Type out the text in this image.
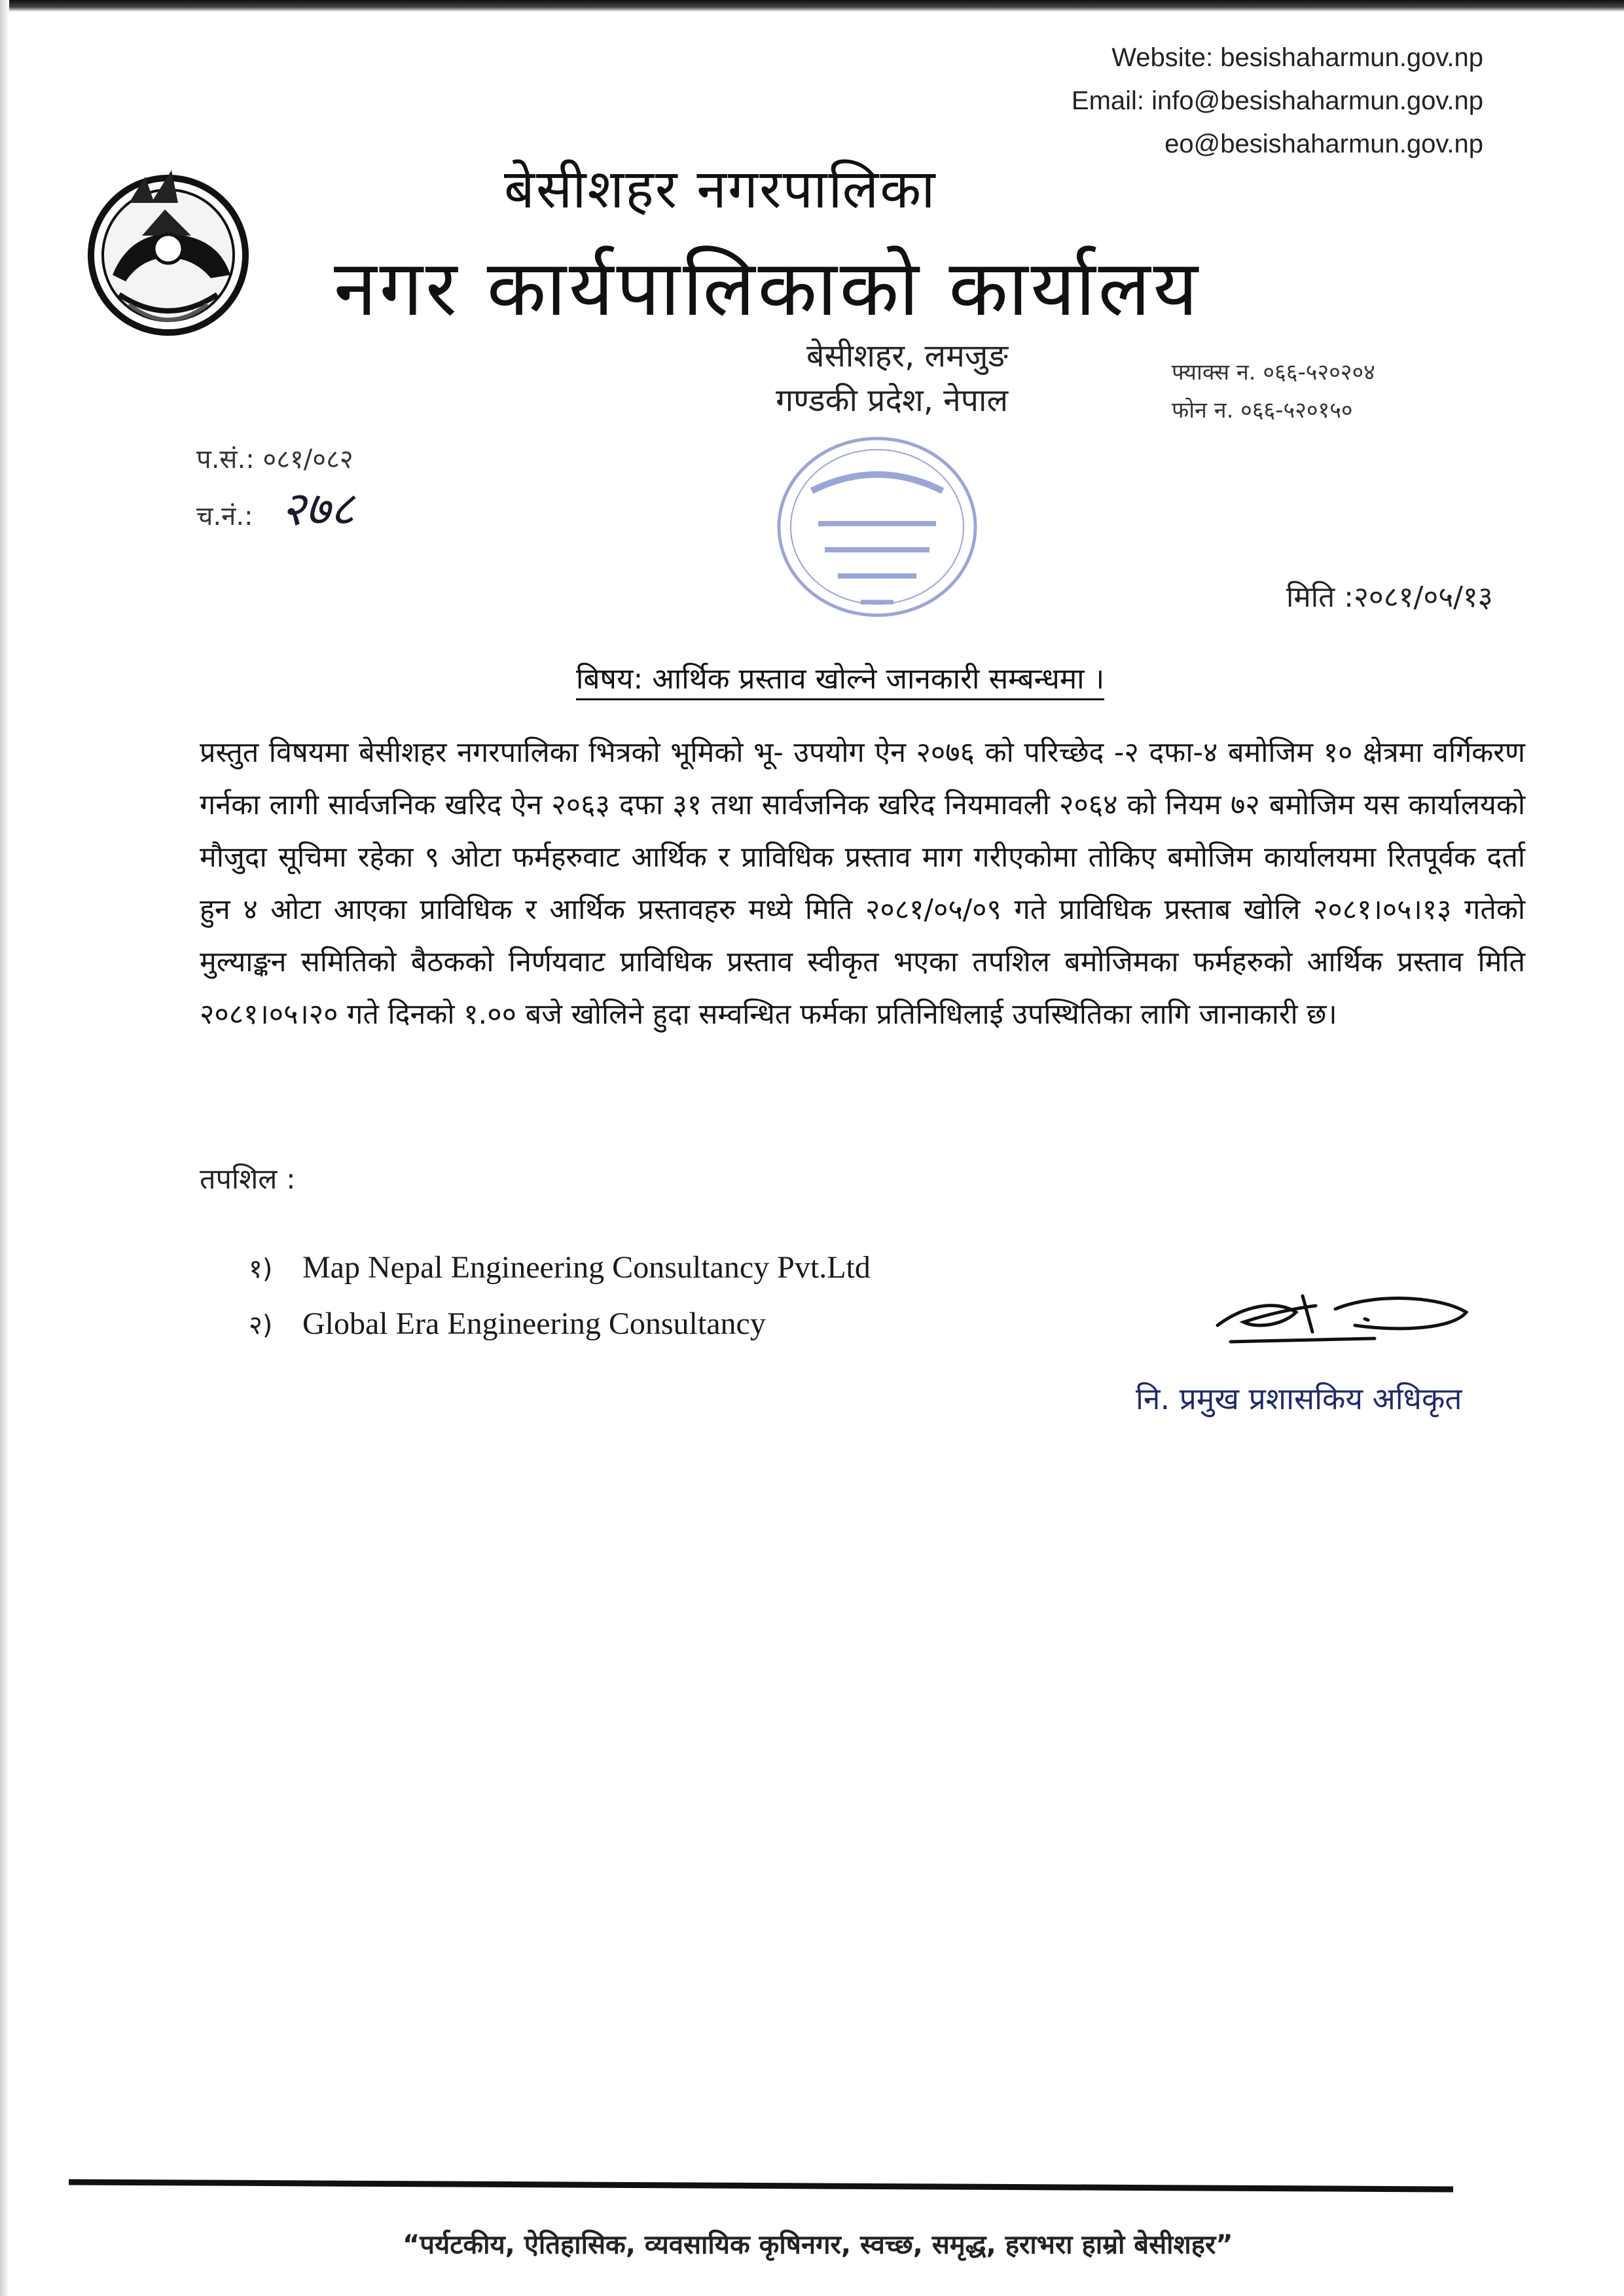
Website: besishaharmun.gov.np
Email: info@besishaharmun.gov.np
eo@besishaharmun.gov.np
बेसीशहर नगरपालिका
नगर कार्यपालिकाको कार्यालय
बेसीशहर, लमजुङ
गण्डकी प्रदेश, नेपाल
फ्याक्स न. ०६६-५२०२०४
फोन न. ०६६-५२०१५०
प.सं.: ०८१/०८२
च.नं.: २७८
मिति :२०८१/०५/१३
बिषय: आर्थिक प्रस्ताव खोल्ने जानकारी सम्बन्धमा ।
प्रस्तुत विषयमा बेसीशहर नगरपालिका भित्रको भूमिको भू- उपयोग ऐन २०७६ को परिच्छेद -२ दफा-४ बमोजिम १० क्षेत्रमा वर्गिकरण गर्नका लागी सार्वजनिक खरिद ऐन २०६३ दफा ३१ तथा सार्वजनिक खरिद नियमावली २०६४ को नियम ७२ बमोजिम यस कार्यालयको मौजुदा सूचिमा रहेका ९ ओटा फर्महरुवाट आर्थिक र प्राविधिक प्रस्ताव माग गरीएकोमा तोकिए बमोजिम कार्यालयमा रितपूर्वक दर्ता हुन ४ ओटा आएका प्राविधिक र आर्थिक प्रस्तावहरु मध्ये मिति २०८१/०५/०९ गते प्राविधिक प्रस्ताब खोलि २०८१।०५।१३ गतेको मुल्याङ्कन समितिको बैठकको निर्णयवाट प्राविधिक प्रस्ताव स्वीकृत भएका तपशिल बमोजिमका फर्महरुको आर्थिक प्रस्ताव मिति २०८१।०५।२० गते दिनको १.०० बजे खोलिने हुदा सम्वन्धित फर्मका प्रतिनिधिलाई उपस्थितिका लागि जानाकारी छ।
तपशिल :
१) Map Nepal Engineering Consultancy Pvt.Ltd
२) Global Era Engineering Consultancy
नि. प्रमुख प्रशासकिय अधिकृत
“पर्यटकीय, ऐतिहासिक, व्यवसायिक कृषिनगर, स्वच्छ, समृद्ध, हराभरा हाम्रो बेसीशहर”
